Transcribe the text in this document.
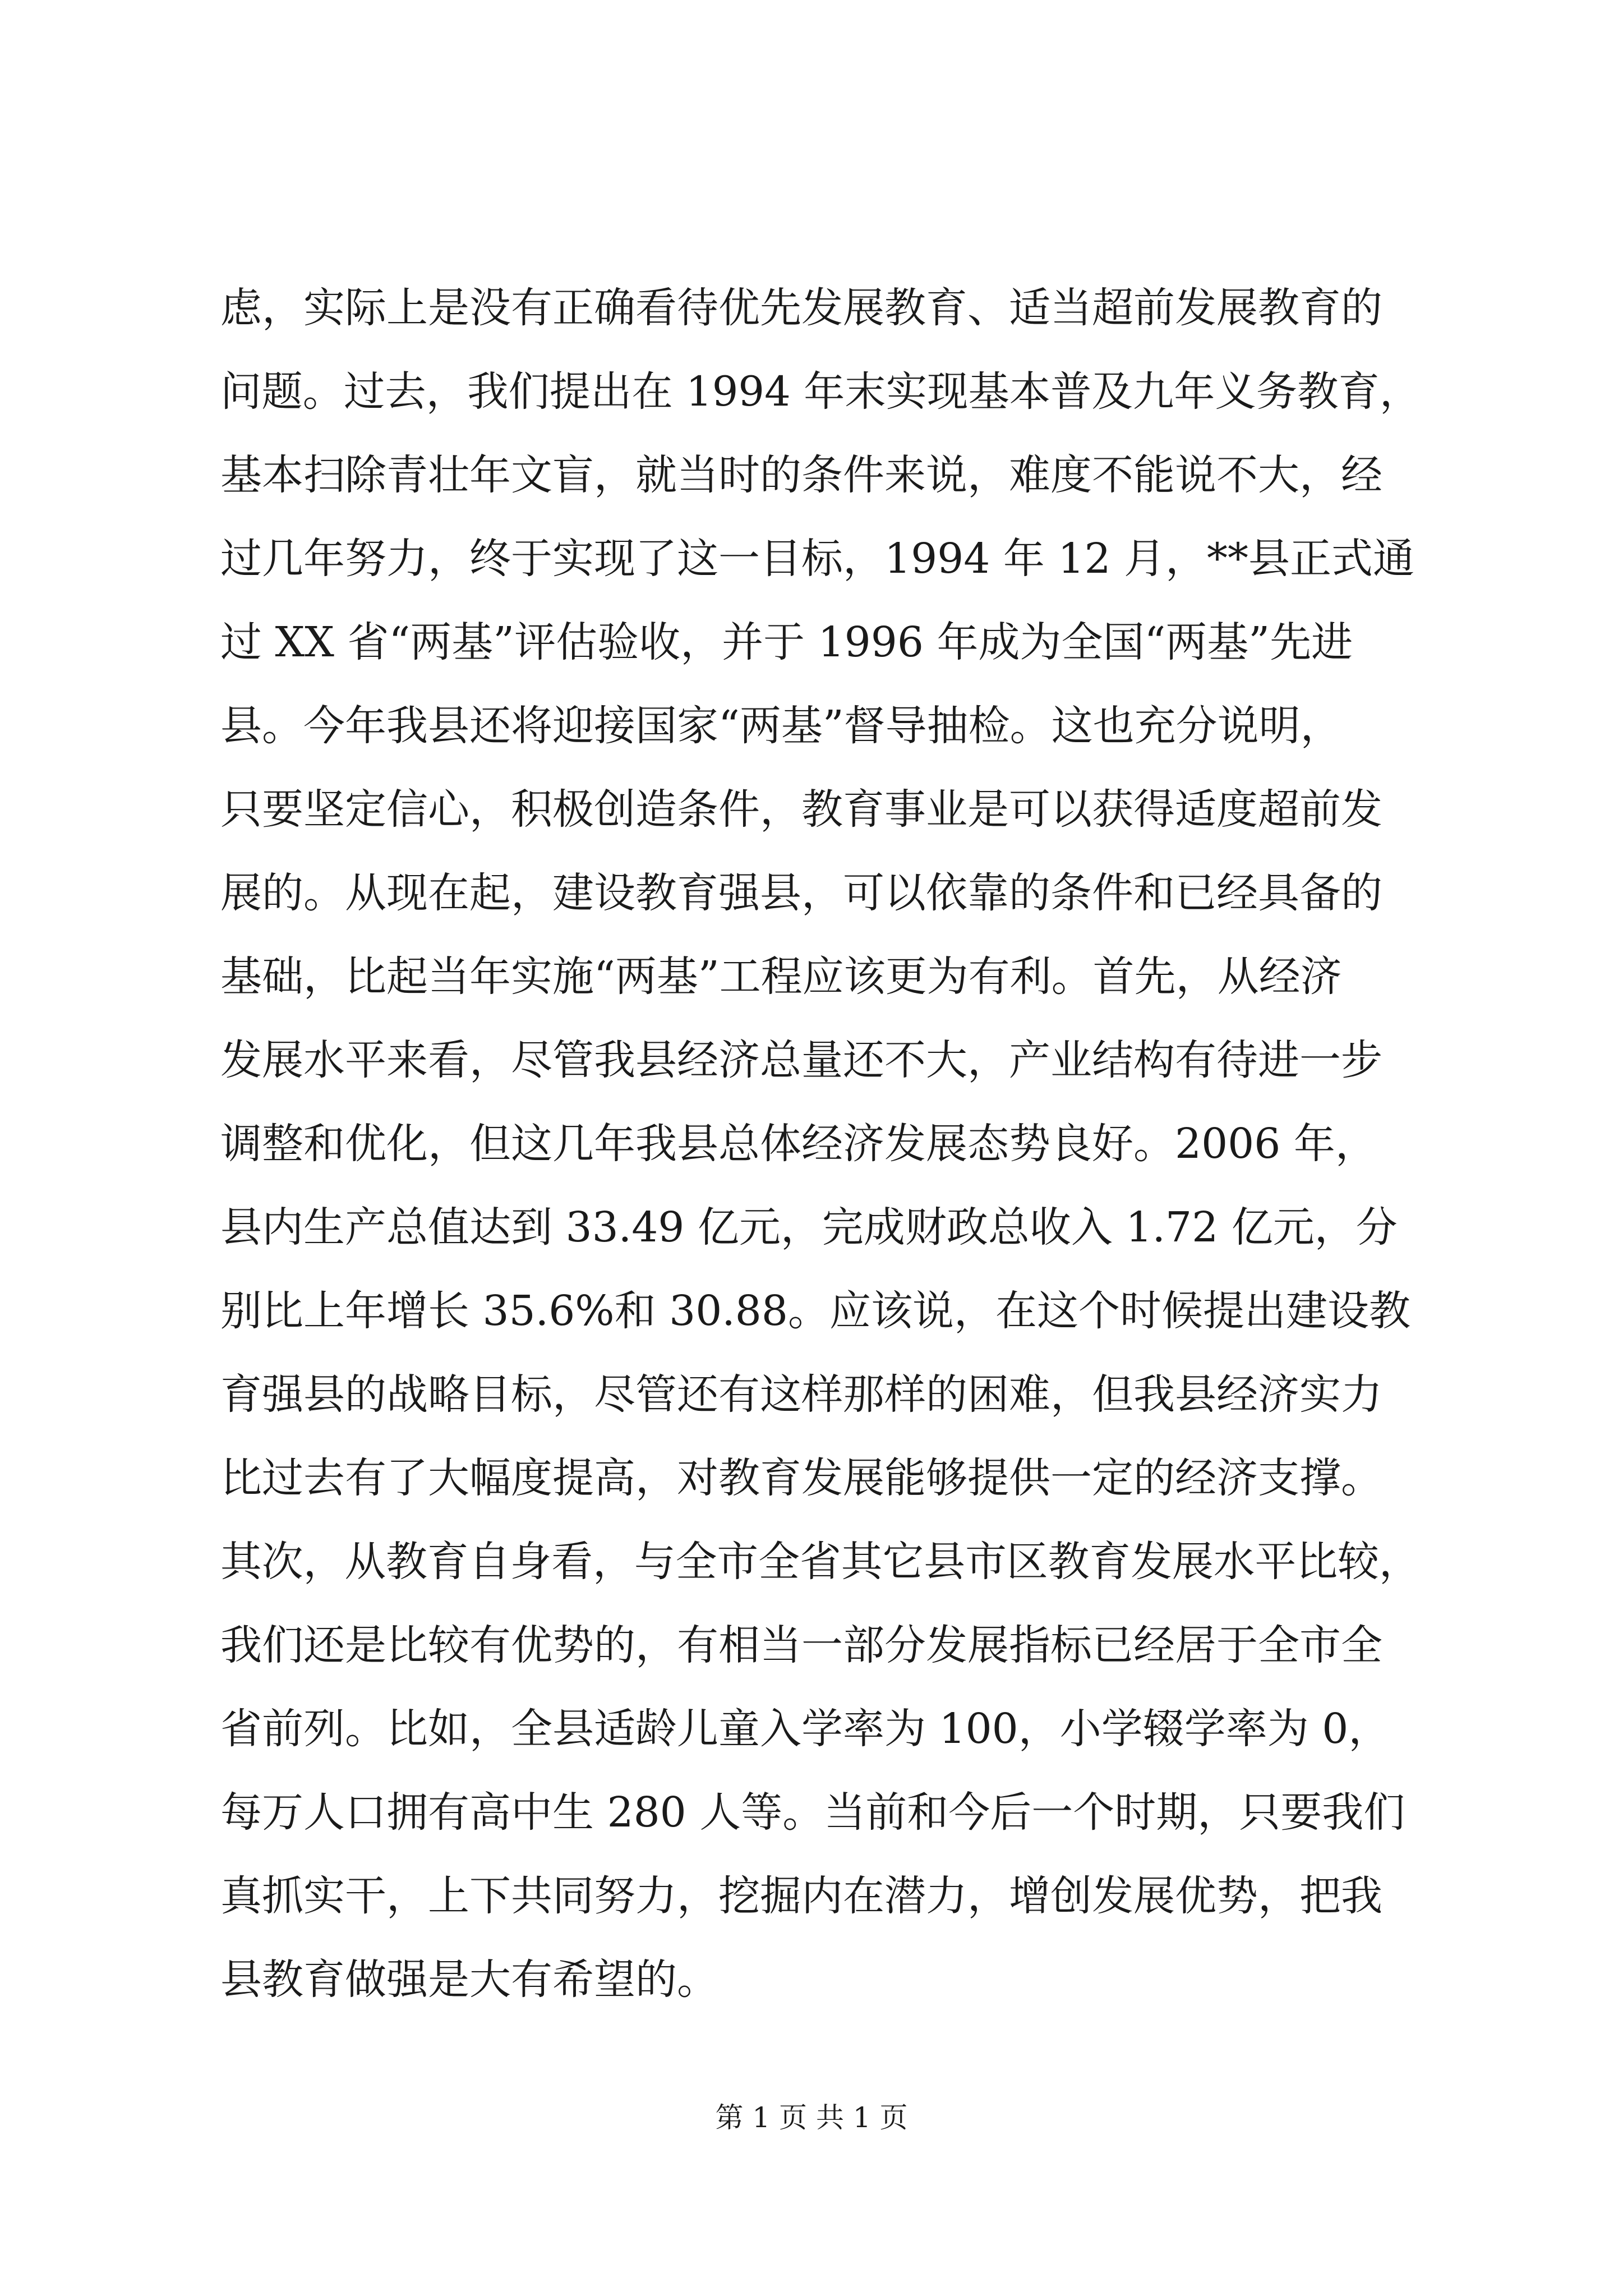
虑，实际上是没有正确看待优先发展教育、适当超前发展教育的
问题。过去，我们提出在 1994 年末实现基本普及九年义务教育，
基本扫除青壮年文盲，就当时的条件来说，难度不能说不大，经
过几年努力，终于实现了这一目标，1994 年 12 月，**县正式通
过 XX 省“两基”评估验收，并于 1996 年成为全国“两基”先进
县。今年我县还将迎接国家“两基”督导抽检。这也充分说明，
只要坚定信心，积极创造条件，教育事业是可以获得适度超前发
展的。从现在起，建设教育强县，可以依靠的条件和已经具备的
基础，比起当年实施“两基”工程应该更为有利。首先，从经济
发展水平来看，尽管我县经济总量还不大，产业结构有待进一步
调整和优化，但这几年我县总体经济发展态势良好。2006 年，
县内生产总值达到 33.49 亿元，完成财政总收入 1.72 亿元，分
别比上年增长 35.6%和 30.88。应该说，在这个时候提出建设教
育强县的战略目标，尽管还有这样那样的困难，但我县经济实力
比过去有了大幅度提高，对教育发展能够提供一定的经济支撑。
其次，从教育自身看，与全市全省其它县市区教育发展水平比较，
我们还是比较有优势的，有相当一部分发展指标已经居于全市全
省前列。比如，全县适龄儿童入学率为 100，小学辍学率为 0，
每万人口拥有高中生 280 人等。当前和今后一个时期，只要我们
真抓实干，上下共同努力，挖掘内在潜力，增创发展优势，把我
县教育做强是大有希望的。
第 1 页 共 1 页
